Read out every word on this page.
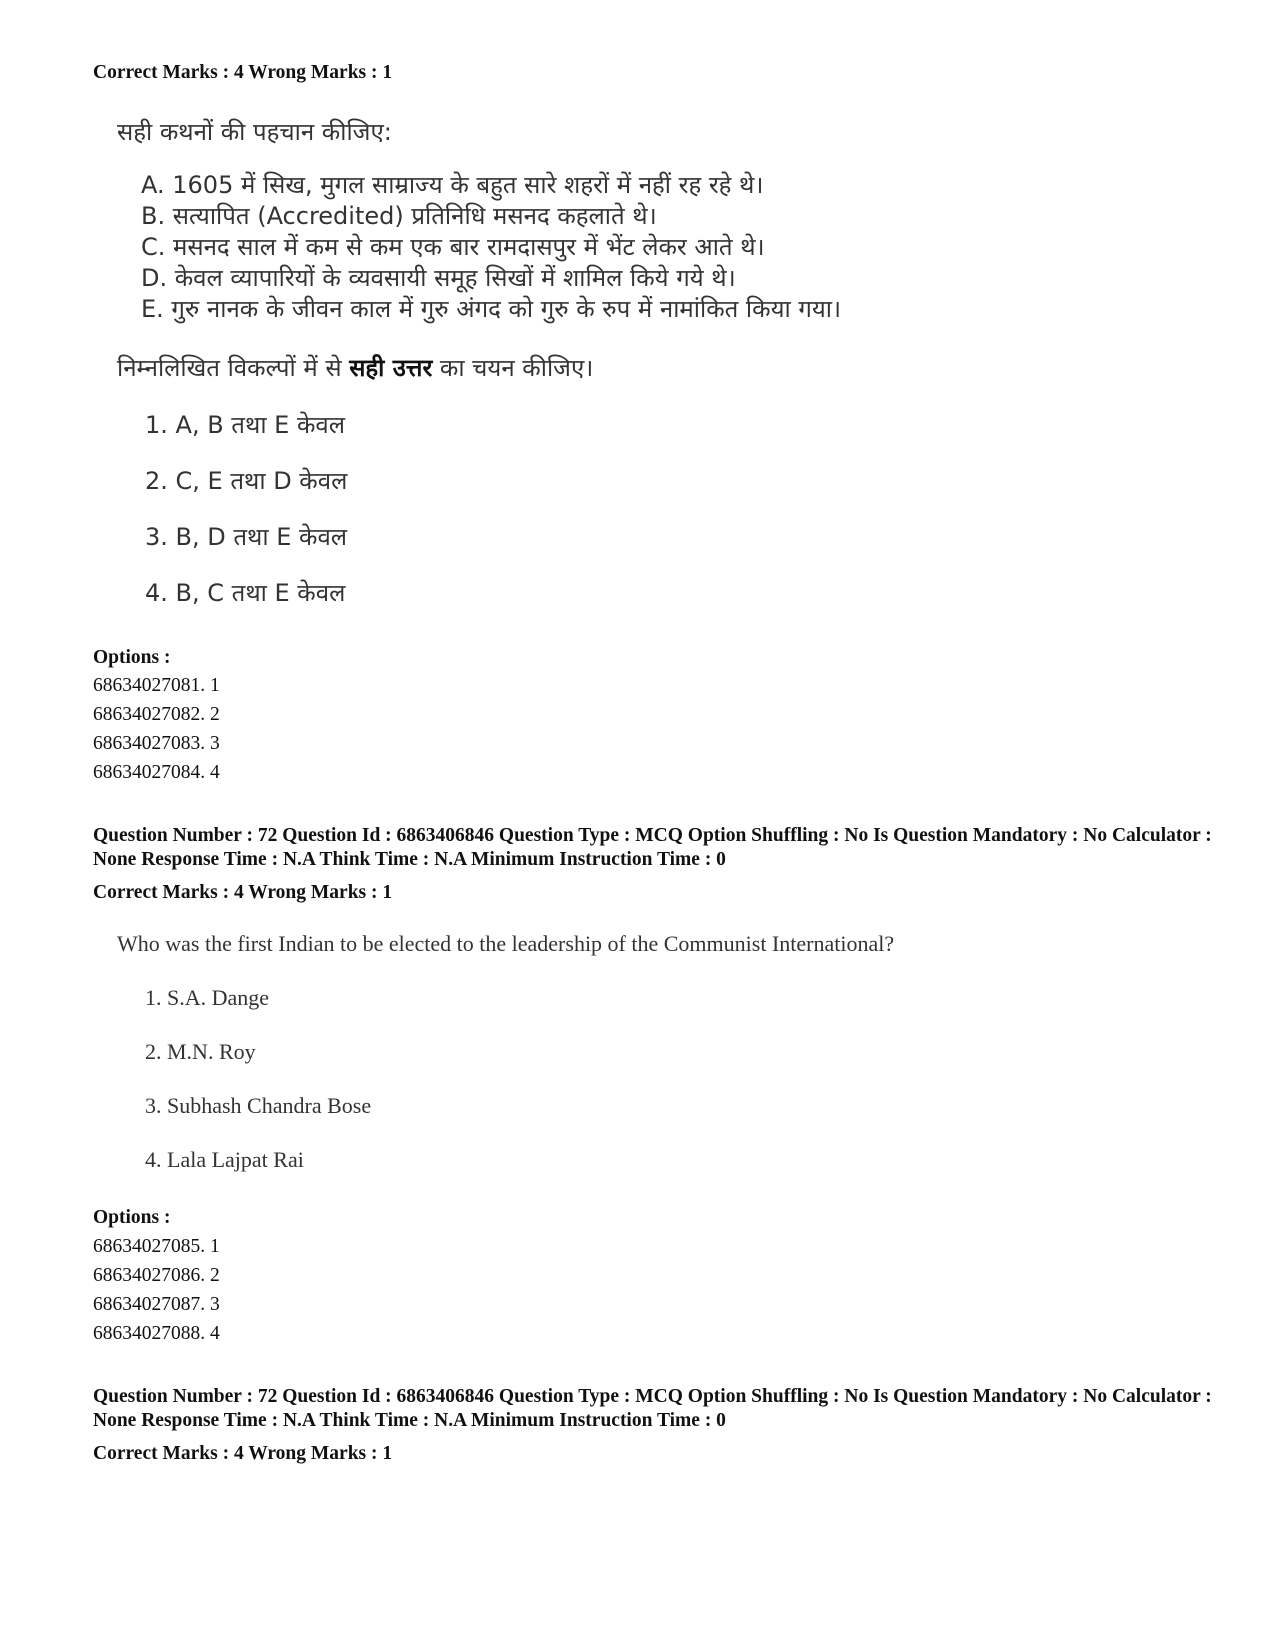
Correct Marks : 4 Wrong Marks : 1
सही कथनों की पहचान कीजिए:
A. 1605 में सिख, मुगल साम्राज्य के बहुत सारे शहरों में नहीं रह रहे थे।
B. सत्यापित (Accredited) प्रतिनिधि मसनद कहलाते थे।
C. मसनद साल में कम से कम एक बार रामदासपुर में भेंट लेकर आते थे।
D. केवल व्यापारियों के व्यवसायी समूह सिखों में शामिल किये गये थे।
E. गुरु नानक के जीवन काल में गुरु अंगद को गुरु के रुप में नामांकित किया गया।
निम्नलिखित विकल्पों में से सही उत्तर का चयन कीजिए।
1. A, B तथा E केवल
2. C, E तथा D केवल
3. B, D तथा E केवल
4. B, C तथा E केवल
Options :
68634027081. 1
68634027082. 2
68634027083. 3
68634027084. 4
Question Number : 72 Question Id : 6863406846 Question Type : MCQ Option Shuffling : No Is Question Mandatory : No Calculator : None Response Time : N.A Think Time : N.A Minimum Instruction Time : 0
Correct Marks : 4 Wrong Marks : 1
Who was the first Indian to be elected to the leadership of the Communist International?
1. S.A. Dange
2. M.N. Roy
3. Subhash Chandra Bose
4. Lala Lajpat Rai
Options :
68634027085. 1
68634027086. 2
68634027087. 3
68634027088. 4
Question Number : 72 Question Id : 6863406846 Question Type : MCQ Option Shuffling : No Is Question Mandatory : No Calculator : None Response Time : N.A Think Time : N.A Minimum Instruction Time : 0
Correct Marks : 4 Wrong Marks : 1
